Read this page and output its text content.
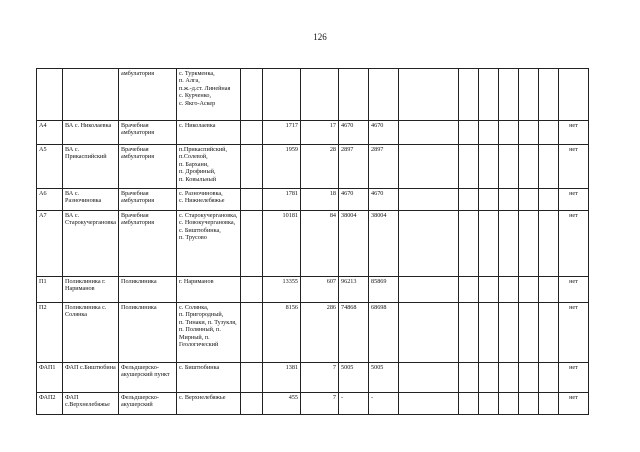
126
		амбулатория	с. Туркменка,
п. Алга,
п.ж.-д.ст. Линейная
с. Курченко,
с. Якго-Аскер												
А4	ВА с. Николаевка	Врачебная амбулатория	с. Николаевка		1717	17	4670	4670							нет
А5	ВА с. Прикаспийский	Врачебная амбулатория	п.Прикаспийский,
п.Солевой,
п. Бархани,
п. Дрофиный,
п. Ковыльный		1959	28	2897	2897							нет
А6	ВА с. Разночиновка	Врачебная амбулатория	с. Разночиновка,
с. Нижнелебяжье		1781	18	4670	4670							нет
А7	ВА с. Старокучергановка	Врачебная амбулатория	с. Старокучергановка,
с. Новокучергановка,
с. Биштюбинка,
п. Трусово		10181	84	38004	38004							нет
П1	Поликлиника г. Нариманов	Поликлиника	г. Нариманов		13355	607	96213	85869							нет
П2	Поликлиника с. Солянка	Поликлиника	с. Солянка,
п. Пригородный,
п. Тинаки, п. Тузукля, п. Полянный, п. Мирный, п. Геологический		8156	286	74868	68698							нет
ФАП1	ФАП с.Биштюбина	Фельдшерско-акушерский пункт	с. Биштюбинка		1381	7	5005	5005							нет
ФАП2	ФАП с.Верхнелебяжье	Фельдшерско-акушерский	с. Верхнелебяжье		455	7	-	-							нет
